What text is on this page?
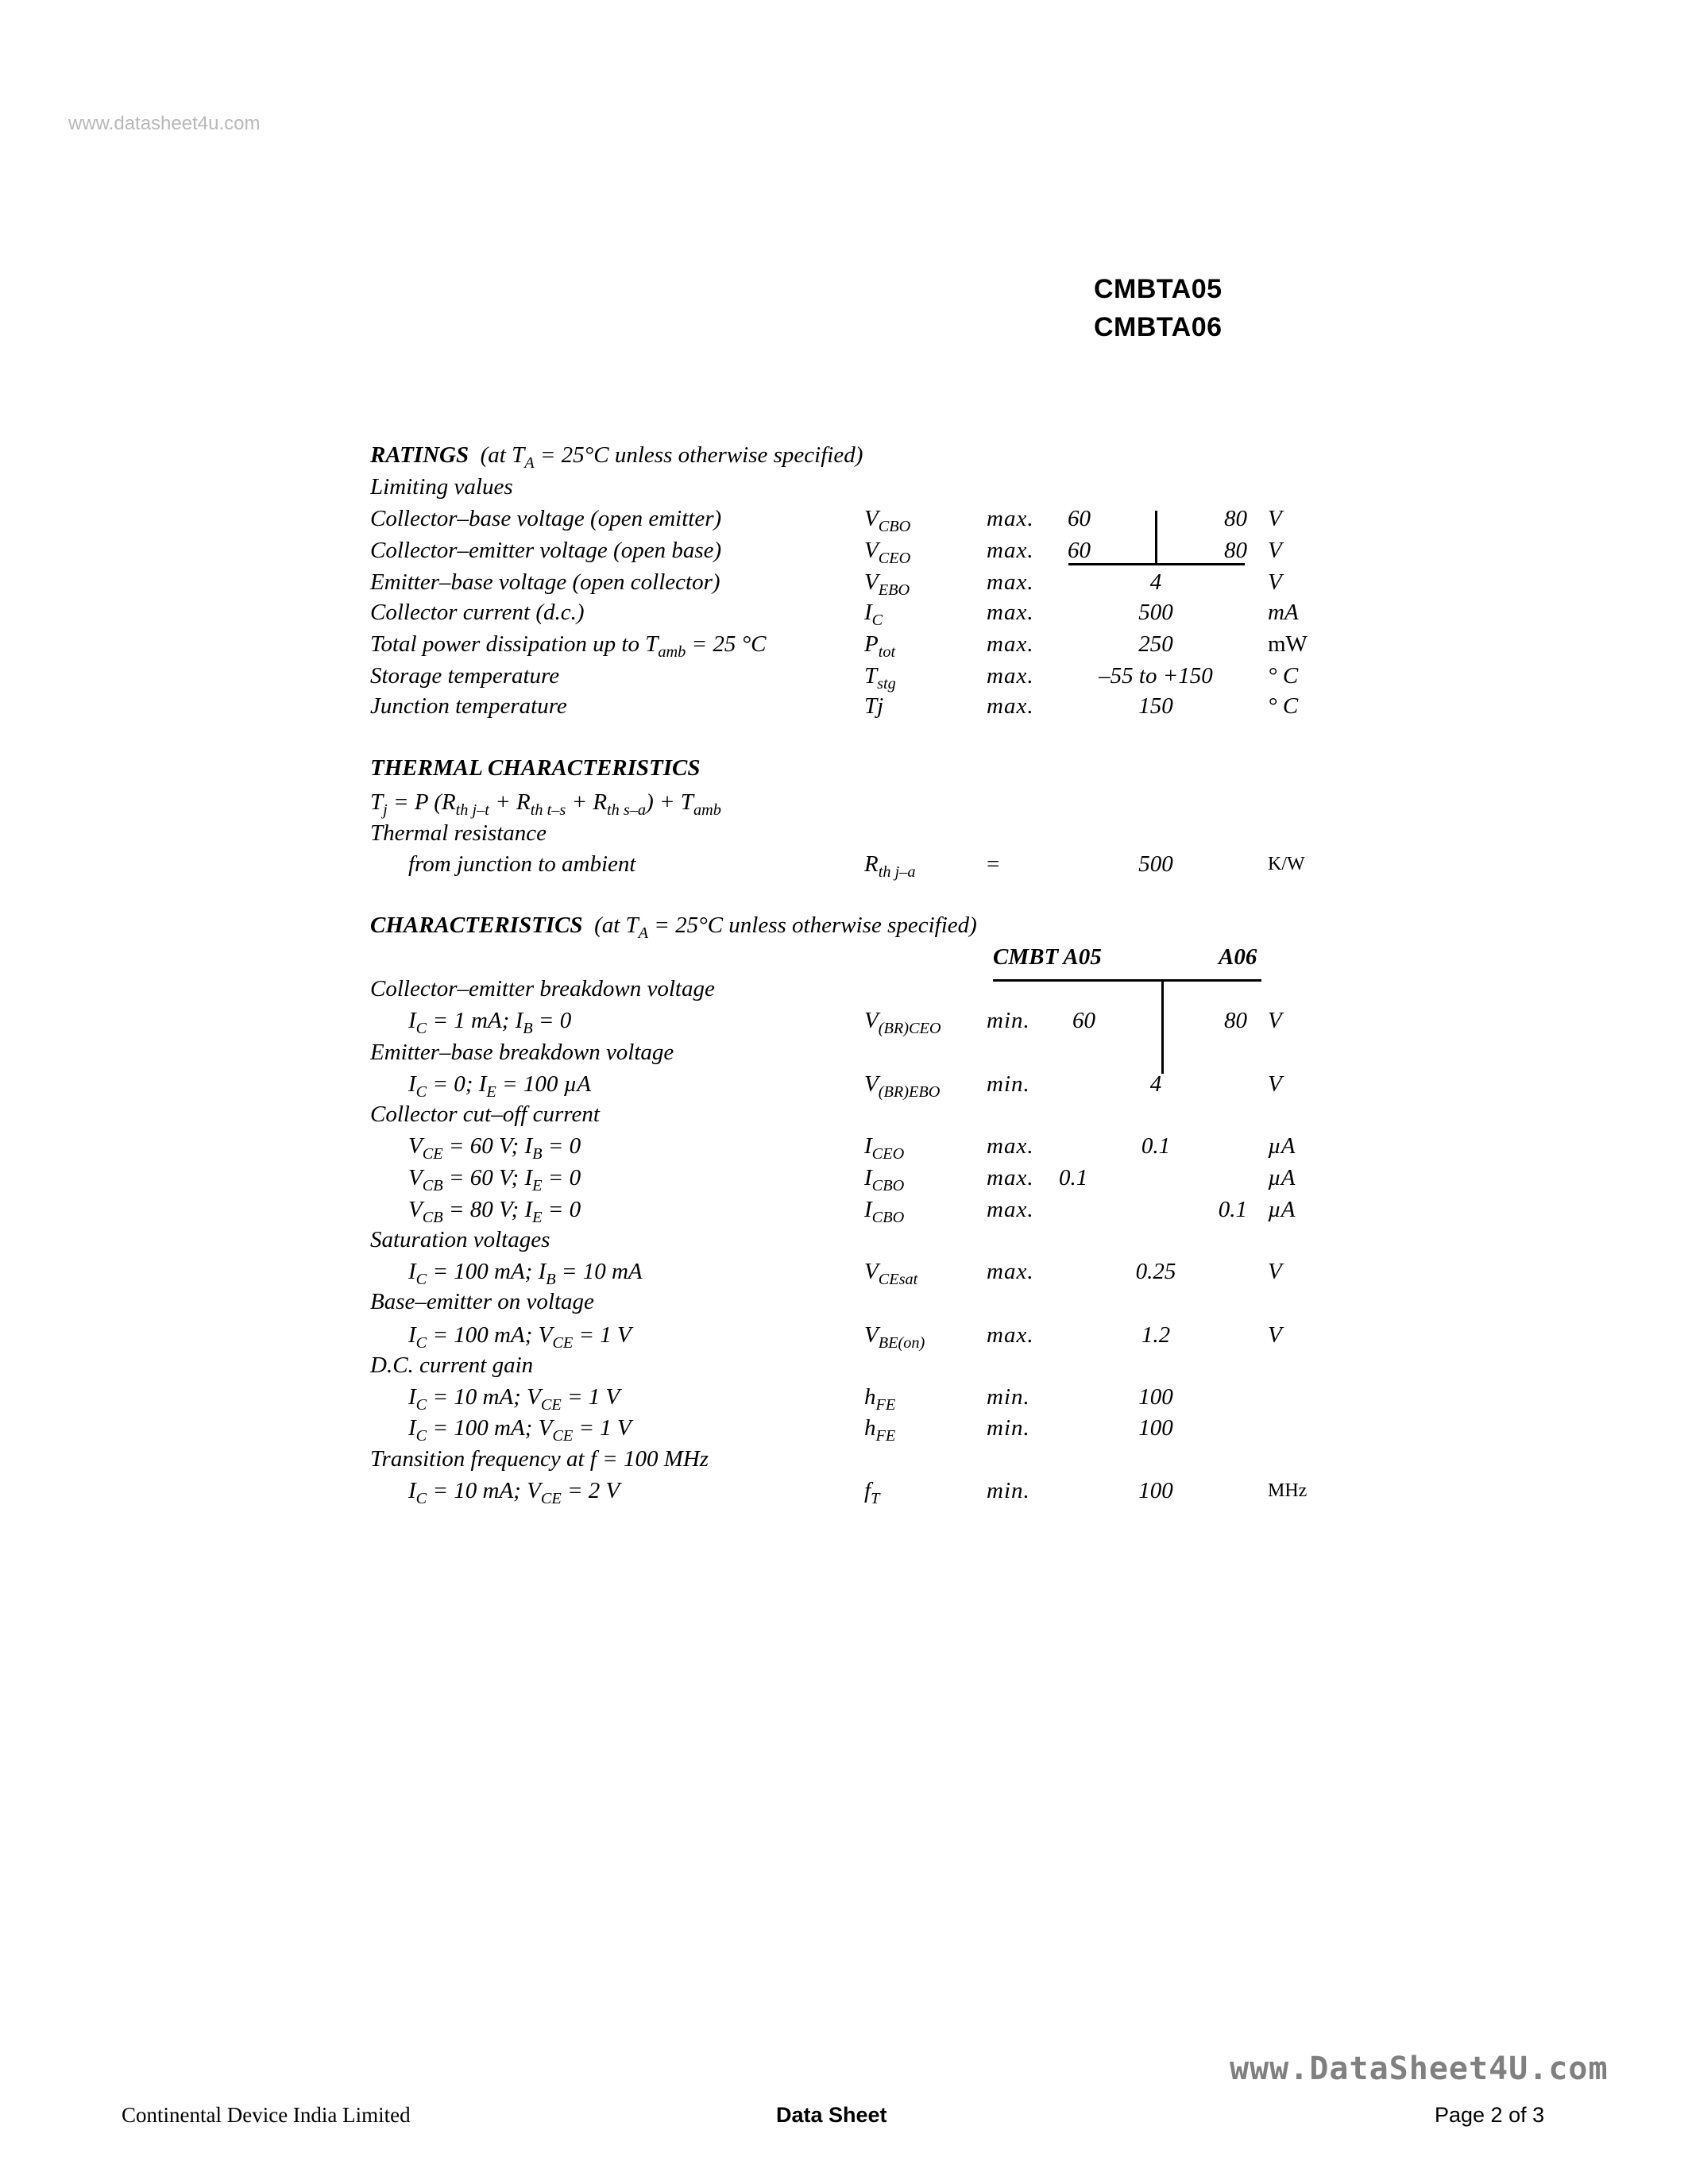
www.datasheet4u.com
CMBTA05
CMBTA06
RATINGS (at $T_A = 25^\circ C$ unless otherwise specified)
Limiting values
Collector–base voltage (open emitter)	$V_{CBO}$	max. 60	80 V
Collector–emitter voltage (open base)	$V_{CEO}$	max. 60	80 V
Emitter–base voltage (open collector)	$V_{EBO}$	max.	4	V
Collector current (d.c.)	$I_C$	max.	500	mA
Total power dissipation up to $T_{amb} = 25$ °C	$P_{tot}$	max.	250	mW
Storage temperature	$T_{stg}$	max.	–55 to +150	° C
Junction temperature	Tj	max.	150	° C
THERMAL CHARACTERISTICS
$T_j = P$ $(R_{th j-t} + R_{th t-s} + R_{th s-a}) + T_{amb}$
Thermal resistance
from junction to ambient	$R_{th j-a}$	=	500	K/W
CHARACTERISTICS (at $T_A = 25^\circ C$ unless otherwise specified)
CMBT A05	A06
Collector–emitter breakdown voltage
$I_C = 1$ mA; $I_B = 0$	$V_{(BR)CEO}$ min. 60	80 V
Emitter–base breakdown voltage
$I_C = 0$; $I_E = 100$ µA	$V_{(BR)EBO}$ min.	4	V
Collector cut–off current
$V_{CE} = 60$ V; $I_B = 0$	$I_{CEO}$	max.	0.1	µA
$V_{CB} = 60$ V; $I_E = 0$	$I_{CBO}$	max. 0.1	µA
$V_{CB} = 80$ V; $I_E = 0$	$I_{CBO}$	max.	0.1 µA
Saturation voltages
$I_C = 100$ mA; $I_B = 10$ mA	$V_{CEsat}$	max.	0.25	V
Base–emitter on voltage
$I_C = 100$ mA; $V_{CE} = 1$ V	$V_{BE(on)}$	max.	1.2	V
D.C. current gain
$I_C = 10$ mA; $V_{CE} = 1$ V	$h_{FE}$	min.	100
$I_C = 100$ mA; $V_{CE} = 1$ V	$h_{FE}$	min.	100
Transition frequency at f = 100 MHz
$I_C = 10$ mA; $V_{CE} = 2$ V	$f_T$	min.	100	MHz
www.DataSheet4U.com
Continental Device India Limited	Data Sheet	Page 2 of 3
